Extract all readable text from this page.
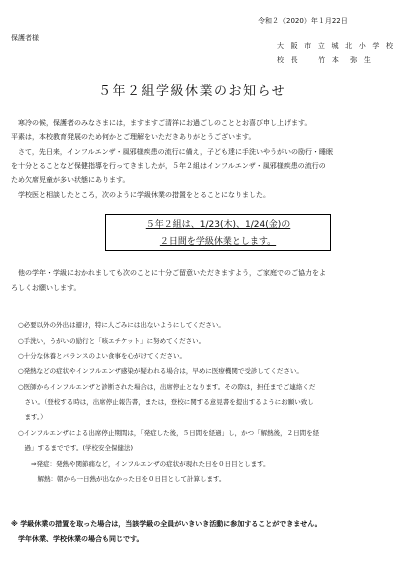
令和２（2020）年１月22日
保護者様
大 阪 市 立 城 北 小 学 校
校 長　　竹 本　弥 生
５年２組学級休業のお知らせ
　寒冷の候，保護者のみなさまには，ますますご清祥にお過ごしのこととお喜び申し上げます。
平素は，本校教育発展のため何かとご理解をいただきありがとうございます。
　さて，先日来，インフルエンザ・風邪様疾患の流行に備え，子ども達に手洗いやうがいの励行・睡眠
を十分とることなど保健指導を行ってきましたが，５年２組はインフルエンザ・風邪様疾患の流行の
ため欠席児童が多い状態にあります。
　学校医と相談したところ，次のように学級休業の措置をとることになりました。
５年２組は、1/23(木)、1/24(金)の
２日間を学級休業とします。
　他の学年・学級におかれましても次のことに十分ご留意いただきますよう，ご家庭でのご協力をよ
ろしくお願いします。
○必要以外の外出は避け，特に人ごみには出ないようにしてください。
○手洗い，うがいの励行と「咳エチケット」に努めてください。
○十分な休養とバランスのよい食事を心がけてください。
○発熱などの症状やインフルエンザ感染が疑われる場合は，早めに医療機関で受診してください。
○医師からインフルエンザと診断された場合は，出席停止となります。その際は，担任までご連絡くだ
　さい。（登校する時は，出席停止報告書，または，登校に関する意見書を提出するようにお願い致し
　ます。）
○インフルエンザによる出席停止期間は，「発症した後，５日間を経過」し，かつ「解熱後，２日間を経
　過」するまでです。(学校安全保健法)
　　⇒発症：発熱や関節痛など，インフルエンザの症状が現れた日を０日目とします。
　　　解熱：朝から一日熱が出なかった日を０日目として計算します。
※ 学級休業の措置を取った場合は，当該学級の全員がいきいき活動に参加することができません。
　学年休業、学校休業の場合も同じです。
